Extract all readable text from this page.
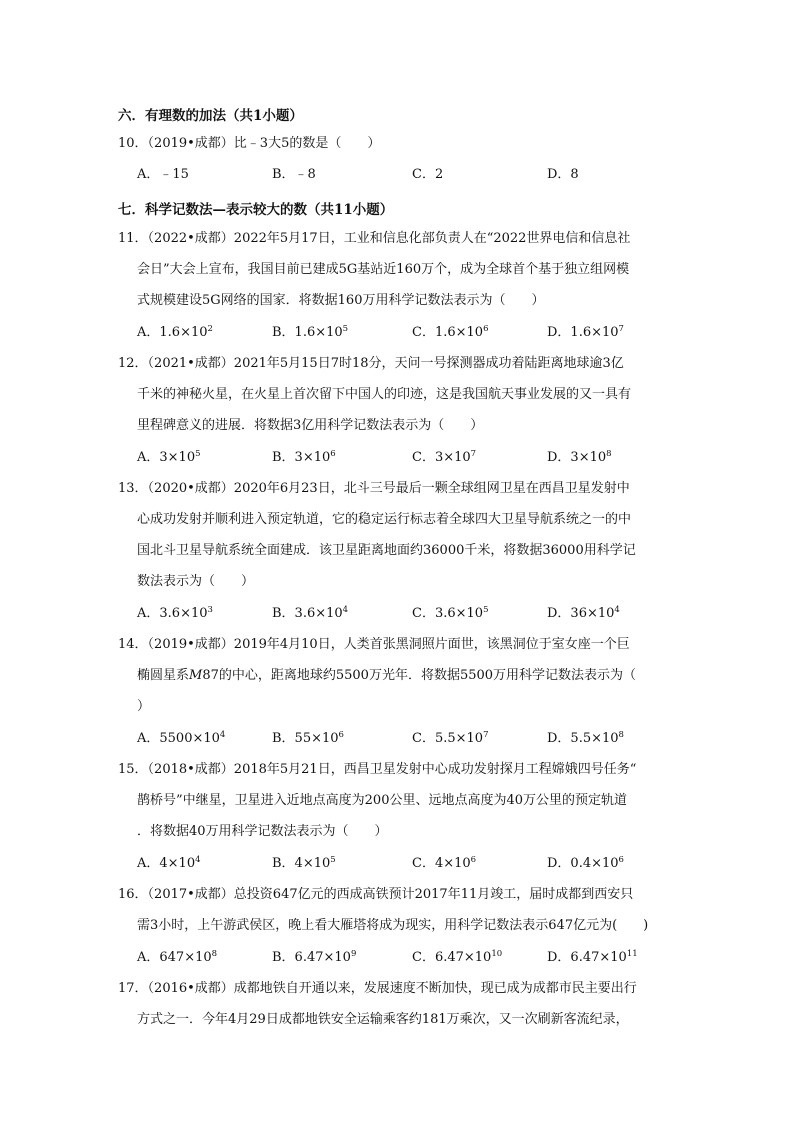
六．有理数的加法（共1小题）
10．（2019•成都）比﹣3大5的数是（　　）
A．﹣15	B．﹣8	C．2	D．8
七．科学记数法—表示较大的数（共11小题）
11．（2022•成都）2022年5月17日，工业和信息化部负责人在“2022世界电信和信息社
会日”大会上宣布，我国目前已建成5G基站近160万个，成为全球首个基于独立组网模
式规模建设5G网络的国家．将数据160万用科学记数法表示为（　　）
A．$1.6\times 10^2$	B．$1.6\times 10^5$	C．$1.6\times 10^6$	D．$1.6\times 10^7$
12．（2021•成都）2021年5月15日7时18分，天问一号探测器成功着陆距离地球逾3亿
千米的神秘火星，在火星上首次留下中国人的印迹，这是我国航天事业发展的又一具有
里程碑意义的进展．将数据3亿用科学记数法表示为（　　）
A．$3\times 10^5$	B．$3\times 10^6$	C．$3\times 10^7$	D．$3\times 10^8$
13．（2020•成都）2020年6月23日，北斗三号最后一颗全球组网卫星在西昌卫星发射中
心成功发射并顺利进入预定轨道，它的稳定运行标志着全球四大卫星导航系统之一的中
国北斗卫星导航系统全面建成．该卫星距离地面约36000千米，将数据36000用科学记
数法表示为（　　）
A．$3.6\times 10^3$	B．$3.6\times 10^4$	C．$3.6\times 10^5$	D．$36\times 10^4$
14．（2019•成都）2019年4月10日，人类首张黑洞照片面世，该黑洞位于室女座一个巨
椭圆星系M87的中心，距离地球约5500万光年．将数据5500万用科学记数法表示为（
）
A．$5500\times 10^4$	B．$55\times 10^6$	C．$5.5\times 10^7$	D．$5.5\times 10^8$
15．（2018•成都）2018年5月21日，西昌卫星发射中心成功发射探月工程嫦娥四号任务“
鹊桥号”中继星，卫星进入近地点高度为200公里、远地点高度为40万公里的预定轨道
．将数据40万用科学记数法表示为（　　）
A．$4\times 10^4$	B．$4\times 10^5$	C．$4\times 10^6$	D．$0.4\times 10^6$
16．（2017•成都）总投资647亿元的西成高铁预计2017年11月竣工，届时成都到西安只
需3小时，上午游武侯区，晚上看大雁塔将成为现实，用科学记数法表示647亿元为(　　)
A．$647\times 10^8$	B．$6.47\times 10^9$	C．$6.47\times 10^{10}$	D．$6.47\times 10^{11}$
17．（2016•成都）成都地铁自开通以来，发展速度不断加快，现已成为成都市民主要出行
方式之一．今年4月29日成都地铁安全运输乘客约181万乘次，又一次刷新客流纪录，
